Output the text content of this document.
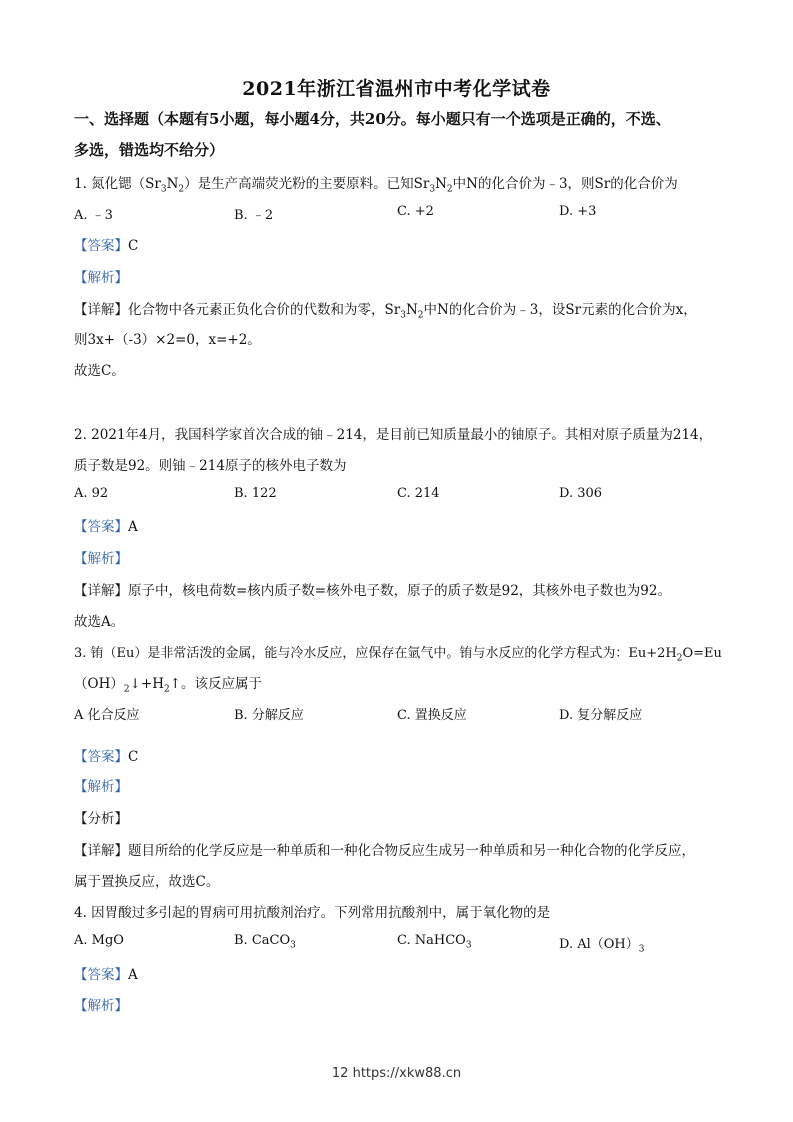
2021年浙江省温州市中考化学试卷
一、选择题（本题有5小题，每小题4分，共20分。每小题只有一个选项是正确的，不选、
多选，错选均不给分）
1. 氮化锶$(Sr_3N_2)$是生产高端荧光粉的主要原料。已知$Sr_3N_2$中N的化合价为﹣3，则Sr的化合价为
A. ﹣3	B. ﹣2	C. +2	D. +3
【答案】C
【解析】
【详解】化合物中各元素正负化合价的代数和为零，$Sr_3N_2$中N的化合价为﹣3，设Sr元素的化合价为x，
则3x+（-3）×2=0，x=+2。
故选C。
2. 2021年4月，我国科学家首次合成的铀﹣214，是目前已知质量最小的铀原子。其相对原子质量为214，
质子数是92。则铀﹣214原子的核外电子数为
A. 92	B. 122	C. 214	D. 306
【答案】A
【解析】
【详解】原子中，核电荷数=核内质子数=核外电子数，原子的质子数是92，其核外电子数也为92。
故选A。
3. 铕（Eu）是非常活泼的金属，能与冷水反应，应保存在氩气中。铕与水反应的化学方程式为：$Eu+2H_2O=Eu$
$(OH)_2↓+H_2↑$。该反应属于
A 化合反应	B. 分解反应	C. 置换反应	D. 复分解反应
【答案】C
【解析】
【分析】
【详解】题目所给的化学反应是一种单质和一种化合物反应生成另一种单质和另一种化合物的化学反应，
属于置换反应，故选C。
4. 因胃酸过多引起的胃病可用抗酸剂治疗。下列常用抗酸剂中，属于氧化物的是
A. MgO	B. CaCO$_3$	C. NaHCO$_3$	D. $Al(OH)_3$
【答案】A
【解析】
12 https://xkw88.cn
